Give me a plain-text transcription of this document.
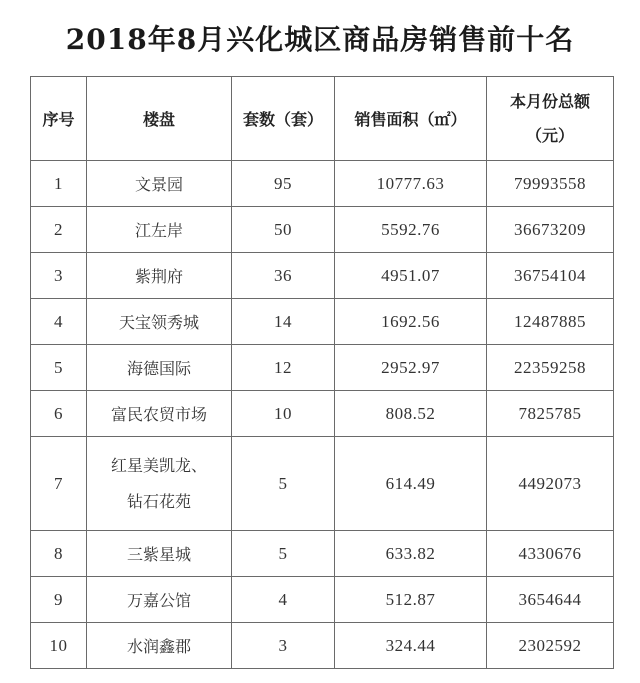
2018年8月兴化城区商品房销售前十名
序号	楼盘	套数（套）	销售面积（㎡）	本月份总额
（元）

1	文景园	95	10777.63	79993558
2	江左岸	50	5592.76	36673209
3	紫荆府	36	4951.07	36754104
4	天宝领秀城	14	1692.56	12487885
5	海德国际	12	2952.97	22359258
6	富民农贸市场	10	808.52	7825785
7	红星美凯龙、
钻石花苑	5	614.49	4492073
8	三紫星城	5	633.82	4330676
9	万嘉公馆	4	512.87	3654644
10	水润鑫郡	3	324.44	2302592
